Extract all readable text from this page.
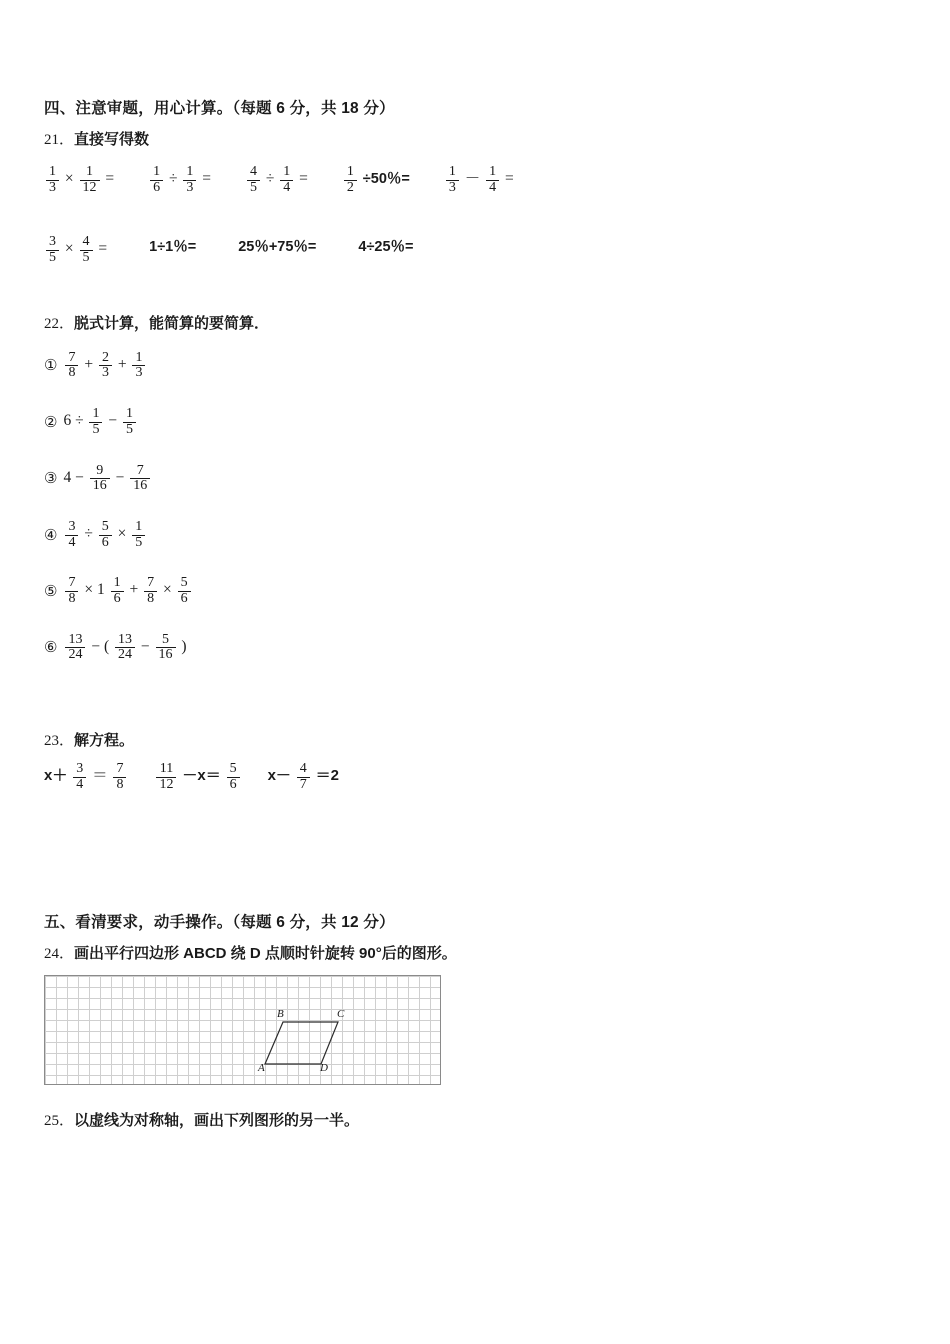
四、注意审题，用心计算。（每题 6 分，共 18 分）
21．直接写得数
$\frac{1}{3} \times \frac{1}{12}$ =	$\frac{1}{6} \div \frac{1}{3}$ =	$\frac{4}{5} \div \frac{1}{4}$ =	$\frac{1}{2} \div 50$％=	$\frac{1}{3} - \frac{1}{4}$ =
$\frac{3}{5} \times \frac{4}{5}$ =	1÷1％=	25％+75％=	4÷25％=
22．脱式计算，能简算的要简算．
① $\frac{7}{8} + \frac{2}{3} + \frac{1}{3}$
② $6 \div \frac{1}{5} - \frac{1}{5}$
③ $4 - \frac{9}{16} - \frac{7}{16}$
④ $\frac{3}{4} \div \frac{5}{6} \times \frac{1}{5}$
⑤ $\frac{7}{8} \times 1 \frac{1}{6} + \frac{7}{8} \times \frac{5}{6}$
⑥ $\frac{13}{24}$ − ( $\frac{13}{24} - \frac{5}{16}$ )
23．解方程。
$x+ \frac{3}{4} = \frac{7}{8} \frac{11}{12} -x= \frac{5}{6} x- \frac{4}{7} =2$
五、看清要求，动手操作。（每题 6 分，共 12 分）
24．画出平行四边形 ABCD 绕 D 点顺时针旋转 90°后的图形。
B	C
A	D
25．以虚线为对称轴，画出下列图形的另一半。
